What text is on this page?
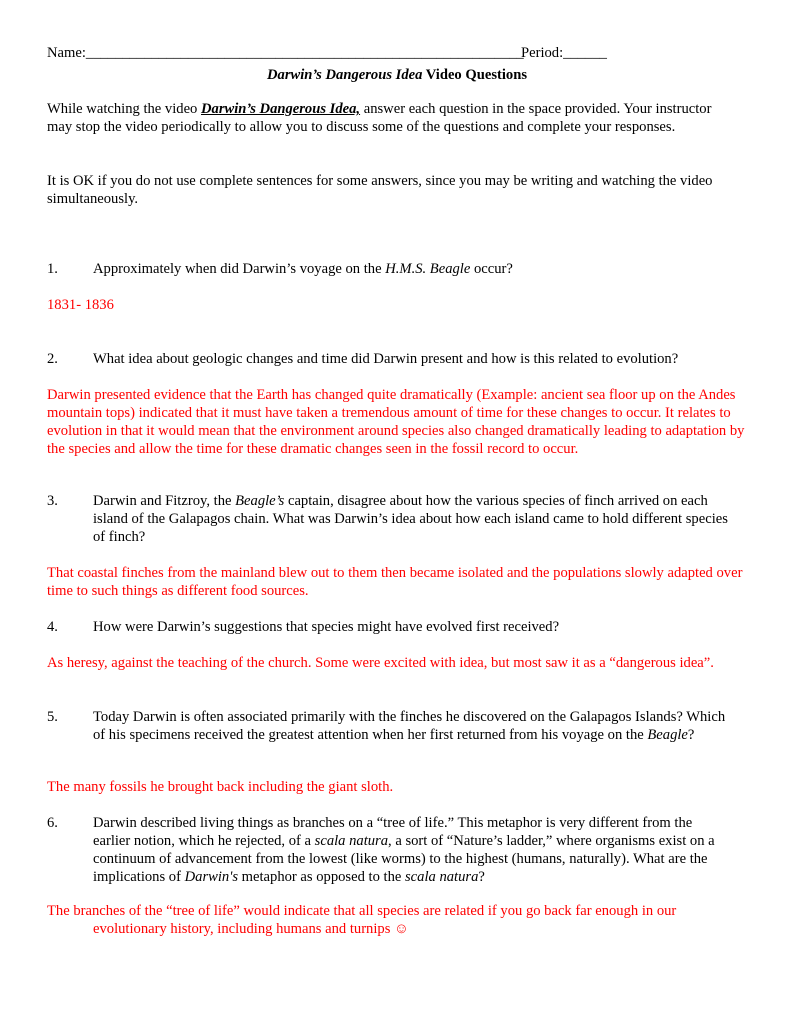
Name:____________________________________________________________
Period:______
Darwin’s Dangerous Idea Video Questions
While watching the video Darwin’s Dangerous Idea, answer each question in the space provided. Your instructor may stop the video periodically to allow you to discuss some of the questions and complete your responses.
It is OK if you do not use complete sentences for some answers, since you may be writing and watching the video simultaneously.
1. Approximately when did Darwin’s voyage on the H.M.S. Beagle occur?
1831- 1836
2. What idea about geologic changes and time did Darwin present and how is this related to evolution?
Darwin presented evidence that the Earth has changed quite dramatically (Example: ancient sea floor up on the Andes mountain tops) indicated that it must have taken a tremendous amount of time for these changes to occur. It relates to evolution in that it would mean that the environment around species also changed dramatically leading to adaptation by the species and allow the time for these dramatic changes seen in the fossil record to occur.
3. Darwin and Fitzroy, the Beagle’s captain, disagree about how the various species of finch arrived on each island of the Galapagos chain. What was Darwin’s idea about how each island came to hold different species of finch?
That coastal finches from the mainland blew out to them then became isolated and the populations slowly adapted over time to such things as different food sources.
4. How were Darwin’s suggestions that species might have evolved first received?
As heresy, against the teaching of the church. Some were excited with idea, but most saw it as a “dangerous idea”.
5. Today Darwin is often associated primarily with the finches he discovered on the Galapagos Islands? Which of his specimens received the greatest attention when her first returned from his voyage on the Beagle?
The many fossils he brought back including the giant sloth.
6. Darwin described living things as branches on a “tree of life.” This metaphor is very different from the earlier notion, which he rejected, of a scala natura, a sort of “Nature’s ladder,” where organisms exist on a continuum of advancement from the lowest (like worms) to the highest (humans, naturally). What are the implications of Darwin's metaphor as opposed to the scala natura?
The branches of the “tree of life” would indicate that all species are related if you go back far enough in our evolutionary history, including humans and turnips ☺
